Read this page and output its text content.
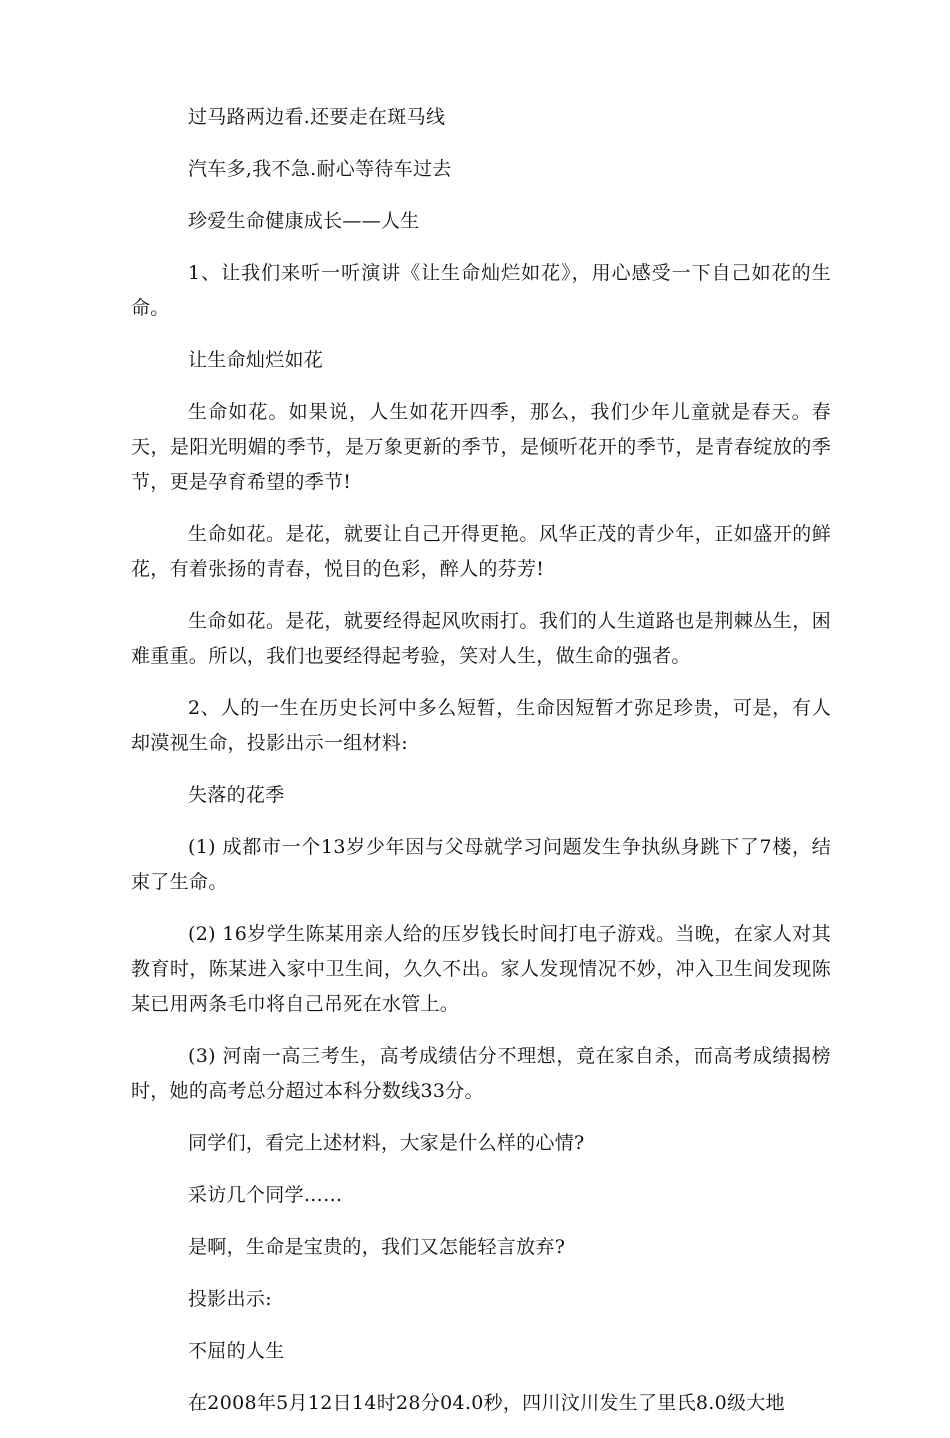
过马路两边看.还要走在斑马线

汽车多,我不急.耐心等待车过去

珍爱生命健康成长——人生

1、让我们来听一听演讲《让生命灿烂如花》，用心感受一下自己如花的生命。

让生命灿烂如花

生命如花。如果说，人生如花开四季，那么，我们少年儿童就是春天。春天，是阳光明媚的季节，是万象更新的季节，是倾听花开的季节，是青春绽放的季节，更是孕育希望的季节!

生命如花。是花，就要让自己开得更艳。风华正茂的青少年，正如盛开的鲜花，有着张扬的青春，悦目的色彩，醉人的芬芳!

生命如花。是花，就要经得起风吹雨打。我们的人生道路也是荆棘丛生，困难重重。所以，我们也要经得起考验，笑对人生，做生命的强者。

2、人的一生在历史长河中多么短暂，生命因短暂才弥足珍贵，可是，有人却漠视生命，投影出示一组材料:

失落的花季

(1) 成都市一个13岁少年因与父母就学习问题发生争执纵身跳下了7楼，结束了生命。

(2) 16岁学生陈某用亲人给的压岁钱长时间打电子游戏。当晚，在家人对其教育时，陈某进入家中卫生间，久久不出。家人发现情况不妙，冲入卫生间发现陈某已用两条毛巾将自己吊死在水管上。

(3) 河南一高三考生，高考成绩估分不理想，竟在家自杀，而高考成绩揭榜时，她的高考总分超过本科分数线33分。

同学们，看完上述材料，大家是什么样的心情?

采访几个同学……

是啊，生命是宝贵的，我们又怎能轻言放弃?

投影出示:

不屈的人生

在2008年5月12日14时28分04.0秒，四川汶川发生了里氏8.0级大地
